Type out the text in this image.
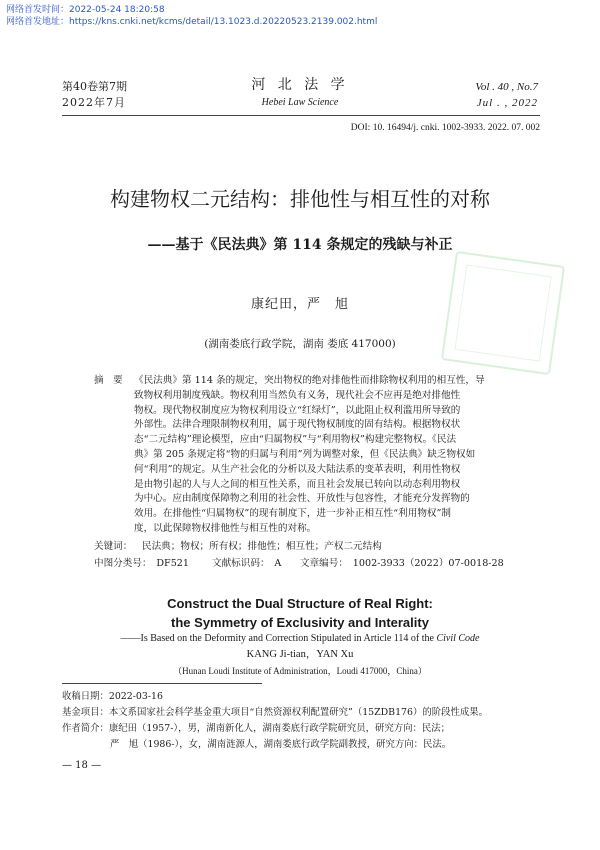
网络首发时间：2022-05-24 18:20:58
网络首发地址：https://kns.cnki.net/kcms/detail/13.1023.d.20220523.2139.002.html
第40卷第7期
2022年7月
河 北 法 学
Hebei Law Science
Vol . 40 , No.7
Jul . , 2022
DOI: 10. 16494/j. cnki. 1002-3933. 2022. 07. 002
构建物权二元结构：排他性与相互性的对称
——基于《民法典》第 114 条规定的残缺与补正
康纪田，严　旭
(湖南娄底行政学院，湖南 娄底 417000)
摘　要 《民法典》第 114 条的规定，突出物权的绝对排他性而排除物权利用的相互性，导
致物权利用制度残缺。物权利用当然负有义务，现代社会不应再是绝对排他性
物权。现代物权制度应为物权利用设立“红绿灯”，以此阻止权利滥用所导致的
外部性。法律合理限制物权利用，属于现代物权制度的固有结构。根据物权状
态“二元结构”理论模型，应由“归属物权”与“利用物权”构建完整物权。《民法
典》第 205 条规定将“物的归属与利用”列为调整对象，但《民法典》缺乏物权如
何“利用”的规定。从生产社会化的分析以及大陆法系的变革表明，利用性物权
是由物引起的人与人之间的相互性关系，而且社会发展已转向以动态利用物权
为中心。应由制度保障物之利用的社会性、开放性与包容性，才能充分发挥物的
效用。在排他性“归属物权”的现有制度下，进一步补正相互性“利用物权”制
度，以此保障物权排他性与相互性的对称。
关键词： 民法典；物权；所有权；排他性；相互性；产权二元结构
中图分类号：　DF521 文献标识码：　A 文章编号：　1002-3933（2022）07-0018-28
Construct the Dual Structure of Real Right:
the Symmetry of Exclusivity and Interality
——Is Based on the Deformity and Correction Stipulated in Article 114 of the Civil Code
KANG Ji-tian，YAN Xu
（Hunan Loudi Institute of Administration，Loudi 417000，China）
收稿日期：2022-03-16
基金项目：本文系国家社会科学基金重大项目“自然资源权利配置研究”（15ZDB176）的阶段性成果。
作者简介：康纪田（1957-），男，湖南新化人，湖南娄底行政学院研究员，研究方向：民法；
严　旭（1986-），女，湖南涟源人，湖南娄底行政学院副教授，研究方向：民法。
— 18 —
